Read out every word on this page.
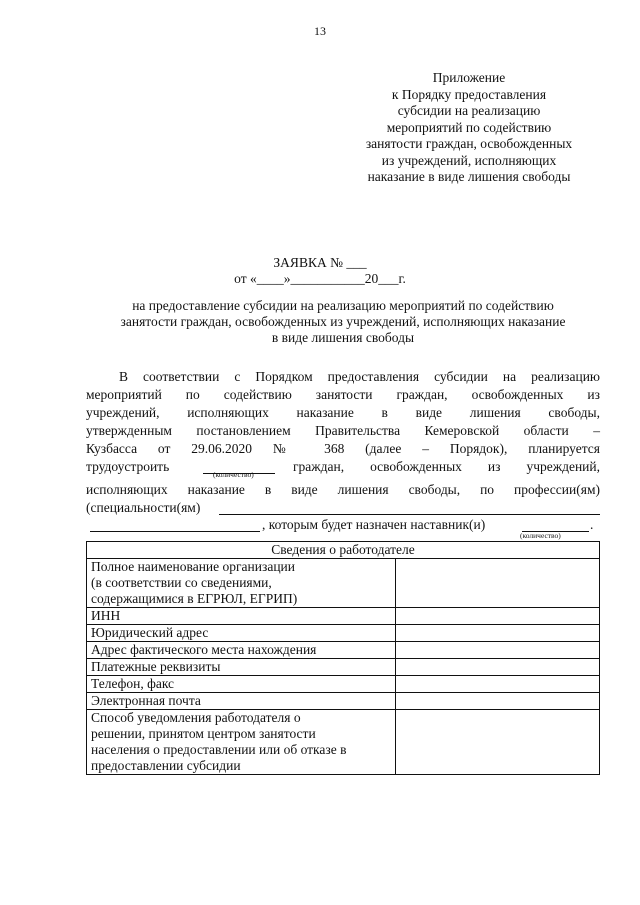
13
Приложение
к Порядку предоставления
субсидии на реализацию
мероприятий по содействию
занятости граждан, освобожденных
из учреждений, исполняющих
наказание в виде лишения свободы
ЗАЯВКА № ___
от «____»___________20___г.
на предоставление субсидии на реализацию мероприятий по содействию
занятости граждан, освобожденных из учреждений, исполняющих наказание
в виде лишения свободы
В соответствии с Порядком предоставления субсидии на реализацию
мероприятий по содействию занятости граждан, освобожденных из
учреждений, исполняющих наказание в виде лишения свободы,
утвержденным постановлением Правительства Кемеровской области –
Кузбасса от 29.06.2020 № 368 (далее – Порядок), планируется
трудоустроить	граждан, освобожденных из учреждений,
(количество)
исполняющих наказание в виде лишения свободы, по профессии(ям)
(специальности(ям)
, которым будет назначен наставник(и)	.
(количество)
Сведения о работодателе	

Полное наименование организации
(в соответствии со сведениями,
содержащимися в ЕГРЮЛ, ЕГРИП)	

ИНН	

Юридический адрес	

Адрес фактического места нахождения	

Платежные реквизиты	

Телефон, факс	

Электронная почта	

Способ уведомления работодателя о
решении, принятом центром занятости
населения о предоставлении или об отказе в
предоставлении субсидии	
